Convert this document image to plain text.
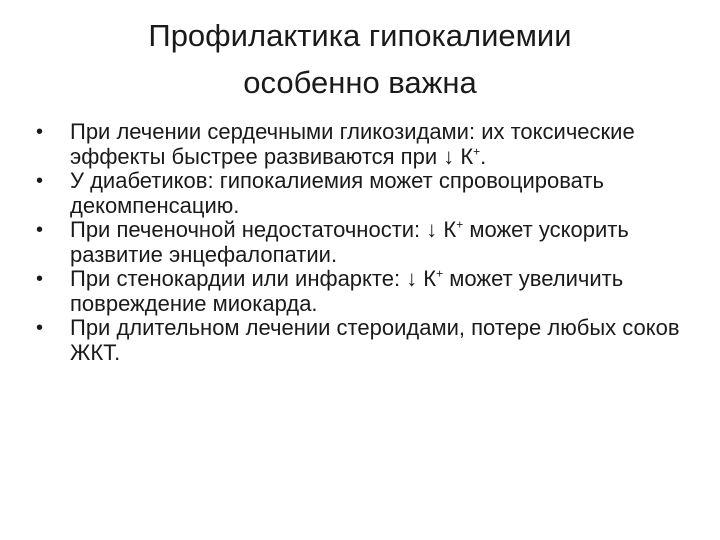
Профилактика гипокалиемии
особенно важна
•	При лечении сердечными гликозидами: их токсические эффекты быстрее развиваются при ↓ К+.
•	У диабетиков: гипокалиемия может спровоцировать декомпенсацию.
•	При печеночной недостаточности: ↓ К+ может ускорить развитие энцефалопатии.
•	При стенокардии или инфаркте: ↓ К+ может увеличить повреждение миокарда.
•	При длительном лечении стероидами, потере любых соков ЖКТ.
